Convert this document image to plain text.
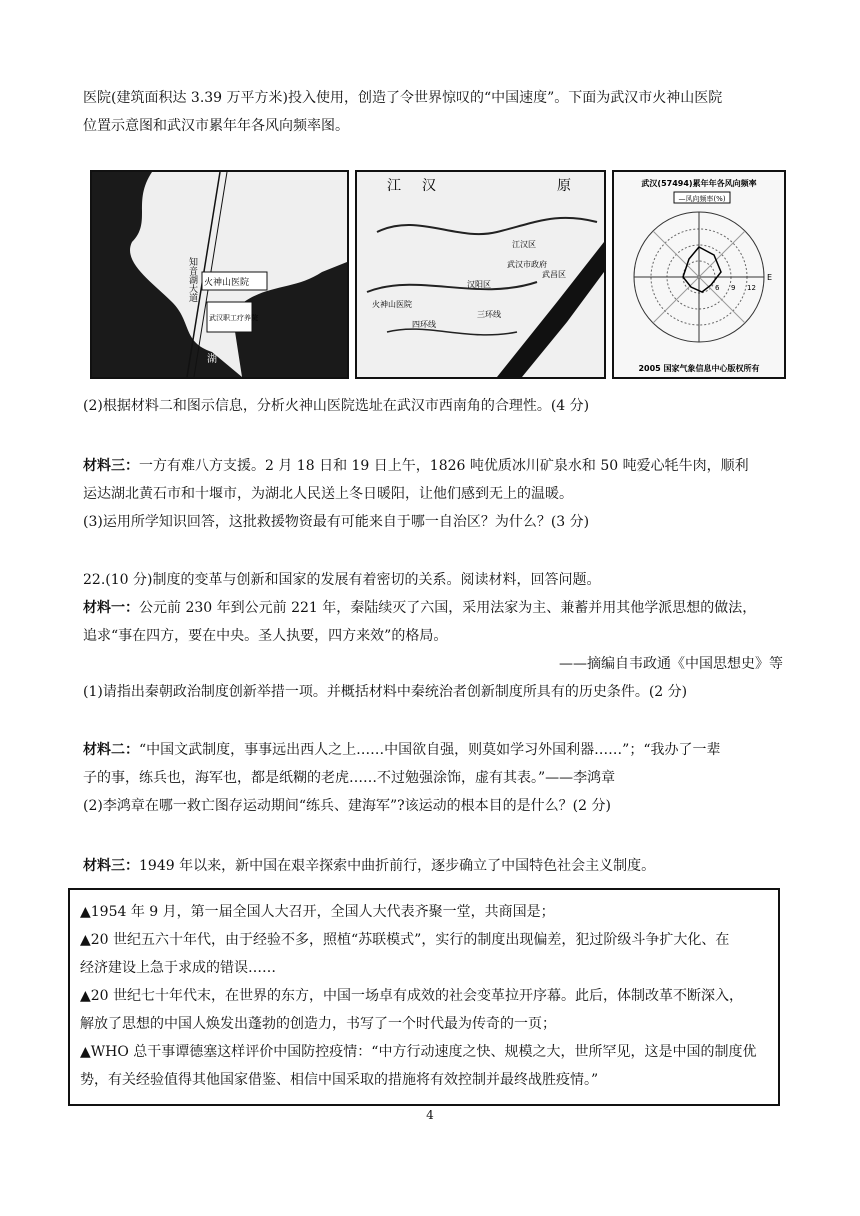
医院(建筑面积达 3.39 万平方米)投入使用，创造了令世界惊叹的“中国速度”。下面为武汉市火神山医院
位置示意图和武汉市累年年各风向频率图。
火神山医院
知音湖大道
武汉职工疗养院
湖
江 汉	原
江汉区
武汉市政府
汉阳区
武昌区
三环线
四环线
火神山医院
武汉(57494)累年年各风向频率
—风向频率(%)
E
6 9 12
2005 国家气象信息中心版权所有
(2)根据材料二和图示信息，分析火神山医院选址在武汉市西南角的合理性。(4 分)
材料三：一方有难八方支援。2 月 18 日和 19 日上午，1826 吨优质冰川矿泉水和 50 吨爱心牦牛肉，顺利
运达湖北黄石市和十堰市，为湖北人民送上冬日暖阳，让他们感到无上的温暖。
(3)运用所学知识回答，这批救援物资最有可能来自于哪一自治区？为什么？(3 分)
22.(10 分)制度的变革与创新和国家的发展有着密切的关系。阅读材料，回答问题。
材料一：公元前 230 年到公元前 221 年，秦陆续灭了六国，采用法家为主、兼蓄并用其他学派思想的做法，
追求“事在四方，要在中央。圣人执要，四方来效”的格局。
——摘编自韦政通《中国思想史》等
(1)请指出秦朝政治制度创新举措一项。并概括材料中秦统治者创新制度所具有的历史条件。(2 分)
材料二：“中国文武制度，事事远出西人之上……中国欲自强，则莫如学习外国利器……”；“我办了一辈
子的事，练兵也，海军也，都是纸糊的老虎……不过勉强涂饰，虚有其表。”——李鸿章
(2)李鸿章在哪一救亡图存运动期间“练兵、建海军”?该运动的根本目的是什么？(2 分)
材料三：1949 年以来，新中国在艰辛探索中曲折前行，逐步确立了中国特色社会主义制度。
▲1954 年 9 月，第一届全国人大召开，全国人大代表齐聚一堂，共商国是；
▲20 世纪五六十年代，由于经验不多，照植“苏联模式”，实行的制度出现偏差，犯过阶级斗争扩大化、在
经济建设上急于求成的错误……
▲20 世纪七十年代末，在世界的东方，中国一场卓有成效的社会变革拉开序幕。此后，体制改革不断深入，
解放了思想的中国人焕发出蓬勃的创造力，书写了一个时代最为传奇的一页；
▲WHO 总干事谭德塞这样评价中国防控疫情：“中方行动速度之快、规模之大，世所罕见，这是中国的制度优
势，有关经验值得其他国家借鉴、相信中国采取的措施将有效控制并最终战胜疫情。”
4
